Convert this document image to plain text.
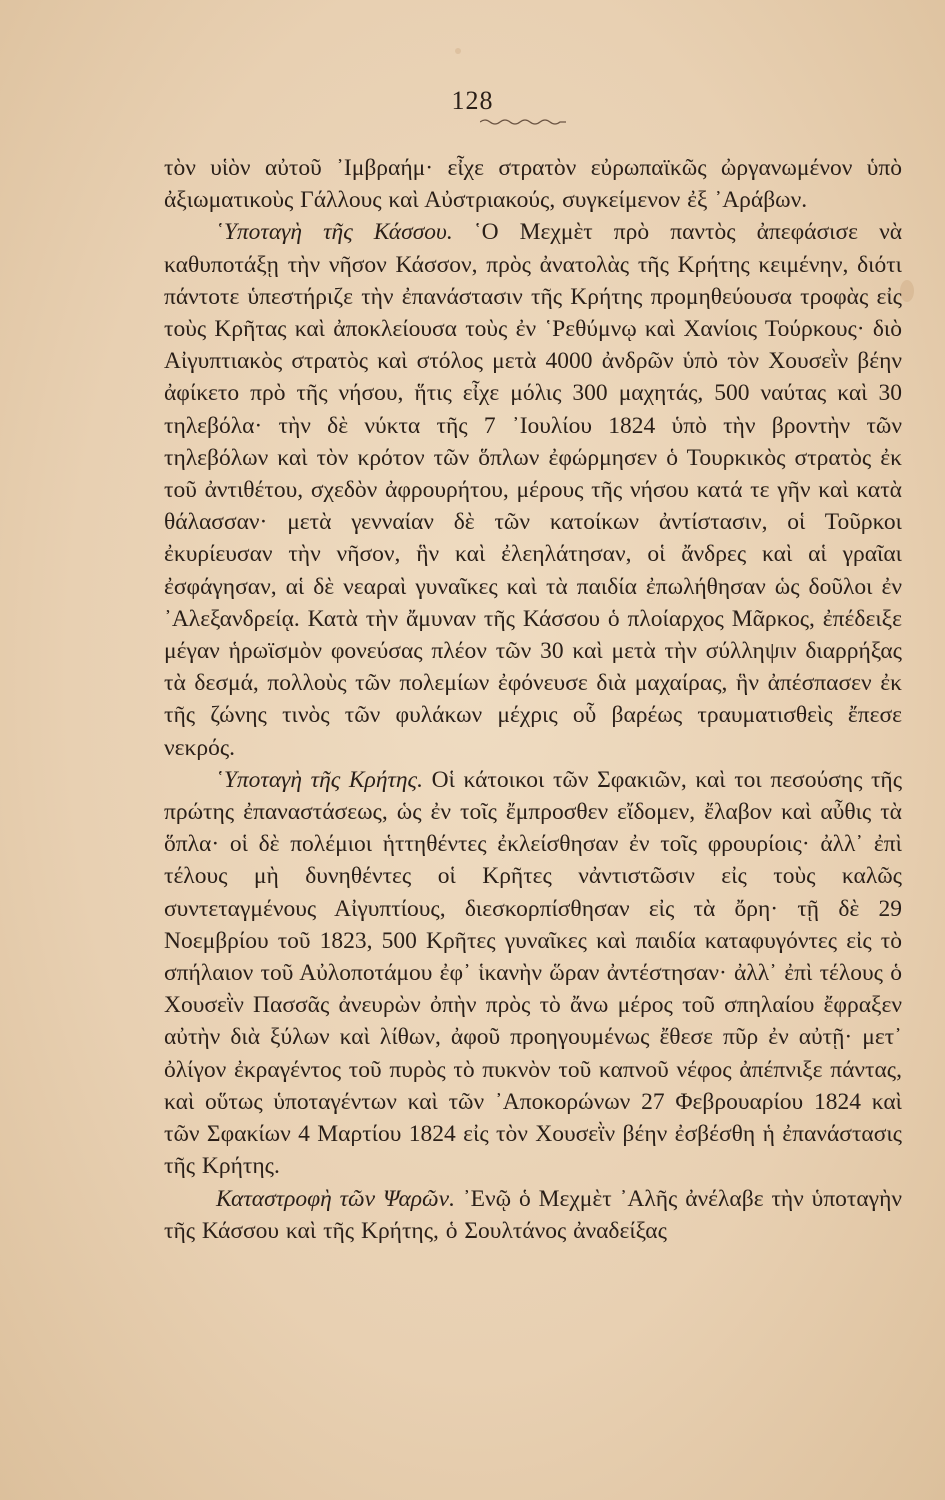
128

τὸν υἱὸν αὐτοῦ ᾿Ιμβραήμ· εἶχε στρατὸν εὐρωπαϊκῶς ὠργανωμένον ὑπὸ ἀξιωματικοὺς Γάλλους καὶ Αὐστριακούς, συγκείμενον ἐξ ᾿Αράβων.

῾Υποταγὴ τῆς Κάσσου. ῾Ο Μεχμὲτ πρὸ παντὸς ἀπεφάσισε νὰ καθυποτάξῃ τὴν νῆσον Κάσσον, πρὸς ἀνατολὰς τῆς Κρήτης κειμένην, διότι πάντοτε ὑπεστήριζε τὴν ἐπανάστασιν τῆς Κρήτης προμηθεύουσα τροφὰς εἰς τοὺς Κρῆτας καὶ ἀποκλείουσα τοὺς ἐν ῾Ρεθύμνῳ καὶ Χανίοις Τούρκους· διὸ Αἰγυπτιακὸς στρατὸς καὶ στόλος μετὰ 4000 ἀνδρῶν ὑπὸ τὸν Χουσεῒν βέην ἀφίκετο πρὸ τῆς νήσου, ἥτις εἶχε μόλις 300 μαχητάς, 500 ναύτας καὶ 30 τηλεβόλα· τὴν δὲ νύκτα τῆς 7 ᾿Ιουλίου 1824 ὑπὸ τὴν βροντὴν τῶν τηλεβόλων καὶ τὸν κρότον τῶν ὅπλων ἐφώρμησεν ὁ Τουρκικὸς στρατὸς ἐκ τοῦ ἀντιθέτου, σχεδὸν ἀφρουρήτου, μέρους τῆς νήσου κατά τε γῆν καὶ κατὰ θάλασσαν· μετὰ γενναίαν δὲ τῶν κατοίκων ἀντίστασιν, οἱ Τοῦρκοι ἐκυρίευσαν τὴν νῆσον, ἣν καὶ ἐλεηλάτησαν, οἱ ἄνδρες καὶ αἱ γραῖαι ἐσφάγησαν, αἱ δὲ νεαραὶ γυναῖκες καὶ τὰ παιδία ἐπωλήθησαν ὡς δοῦλοι ἐν ᾿Αλεξανδρείᾳ. Κατὰ τὴν ἄμυναν τῆς Κάσσου ὁ πλοίαρχος Μᾶρκος, ἐπέδειξε μέγαν ἡρωϊσμὸν φονεύσας πλέον τῶν 30 καὶ μετὰ τὴν σύλληψιν διαρρήξας τὰ δεσμά, πολλοὺς τῶν πολεμίων ἐφόνευσε διὰ μαχαίρας, ἣν ἀπέσπασεν ἐκ τῆς ζώνης τινὸς τῶν φυλάκων μέχρις οὗ βαρέως τραυματισθεὶς ἔπεσε νεκρός.

῾Υποταγὴ τῆς Κρήτης. Οἱ κάτοικοι τῶν Σφακιῶν, καὶ τοι πεσούσης τῆς πρώτης ἐπαναστάσεως, ὡς ἐν τοῖς ἔμπροσθεν εἴδομεν, ἔλαβον καὶ αὖθις τὰ ὅπλα· οἱ δὲ πολέμιοι ἡττηθέντες ἐκλείσθησαν ἐν τοῖς φρουρίοις· ἀλλ᾿ ἐπὶ τέλους μὴ δυνηθέντες οἱ Κρῆτες νἀντιστῶσιν εἰς τοὺς καλῶς συντεταγμένους Αἰγυπτίους, διεσκορπίσθησαν εἰς τὰ ὄρη· τῇ δὲ 29 Νοεμβρίου τοῦ 1823, 500 Κρῆτες γυναῖκες καὶ παιδία καταφυγόντες εἰς τὸ σπήλαιον τοῦ Αὐλοποτάμου ἐφ᾿ ἱκανὴν ὥραν ἀντέστησαν· ἀλλ᾿ ἐπὶ τέλους ὁ Χουσεῒν Πασσᾶς ἀνευρὼν ὀπὴν πρὸς τὸ ἄνω μέρος τοῦ σπηλαίου ἔφραξεν αὐτὴν διὰ ξύλων καὶ λίθων, ἀφοῦ προηγουμένως ἔθεσε πῦρ ἐν αὐτῇ· μετ᾿ ὀλίγον ἐκραγέντος τοῦ πυρὸς τὸ πυκνὸν τοῦ καπνοῦ νέφος ἀπέπνιξε πάντας, καὶ οὕτως ὑποταγέντων καὶ τῶν ᾿Αποκορώνων 27 Φεβρουαρίου 1824 καὶ τῶν Σφακίων 4 Μαρτίου 1824 εἰς τὸν Χουσεῒν βέην ἐσβέσθη ἡ ἐπανάστασις τῆς Κρήτης.

Καταστροφὴ τῶν Ψαρῶν. ᾿Ενῷ ὁ Μεχμὲτ ᾿Αλῆς ἀνέλαβε τὴν ὑποταγὴν τῆς Κάσσου καὶ τῆς Κρήτης, ὁ Σουλτάνος ἀναδείξας
